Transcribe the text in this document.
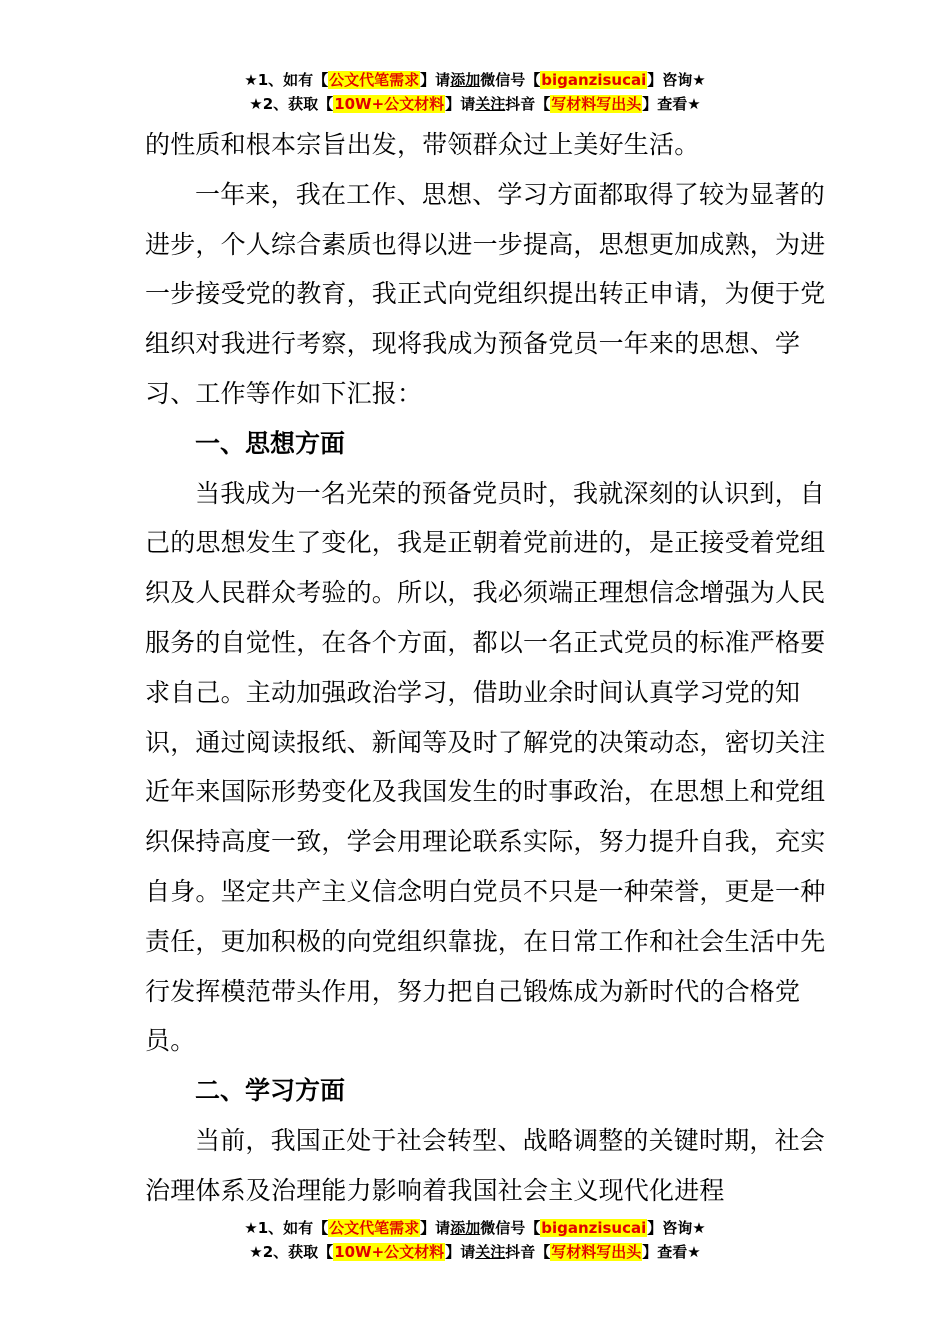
★1、如有【公文代笔需求】请添加微信号【biganzisucai】咨询★
★2、获取【10W+公文材料】请关注抖音【写材料写出头】查看★

的性质和根本宗旨出发，带领群众过上美好生活。

一年来，我在工作、思想、学习方面都取得了较为显著的进步，个人综合素质也得以进一步提高，思想更加成熟，为进一步接受党的教育，我正式向党组织提出转正申请，为便于党组织对我进行考察，现将我成为预备党员一年来的思想、学习、工作等作如下汇报：

一、思想方面

当我成为一名光荣的预备党员时，我就深刻的认识到，自己的思想发生了变化，我是正朝着党前进的，是正接受着党组织及人民群众考验的。所以，我必须端正理想信念增强为人民服务的自觉性，在各个方面，都以一名正式党员的标准严格要求自己。主动加强政治学习，借助业余时间认真学习党的知识，通过阅读报纸、新闻等及时了解党的决策动态，密切关注近年来国际形势变化及我国发生的时事政治，在思想上和党组织保持高度一致，学会用理论联系实际，努力提升自我，充实自身。坚定共产主义信念明白党员不只是一种荣誉，更是一种责任，更加积极的向党组织靠拢，在日常工作和社会生活中先行发挥模范带头作用，努力把自己锻炼成为新时代的合格党员。

二、学习方面

当前，我国正处于社会转型、战略调整的关键时期，社会治理体系及治理能力影响着我国社会主义现代化进程

★1、如有【公文代笔需求】请添加微信号【biganzisucai】咨询★
★2、获取【10W+公文材料】请关注抖音【写材料写出头】查看★
